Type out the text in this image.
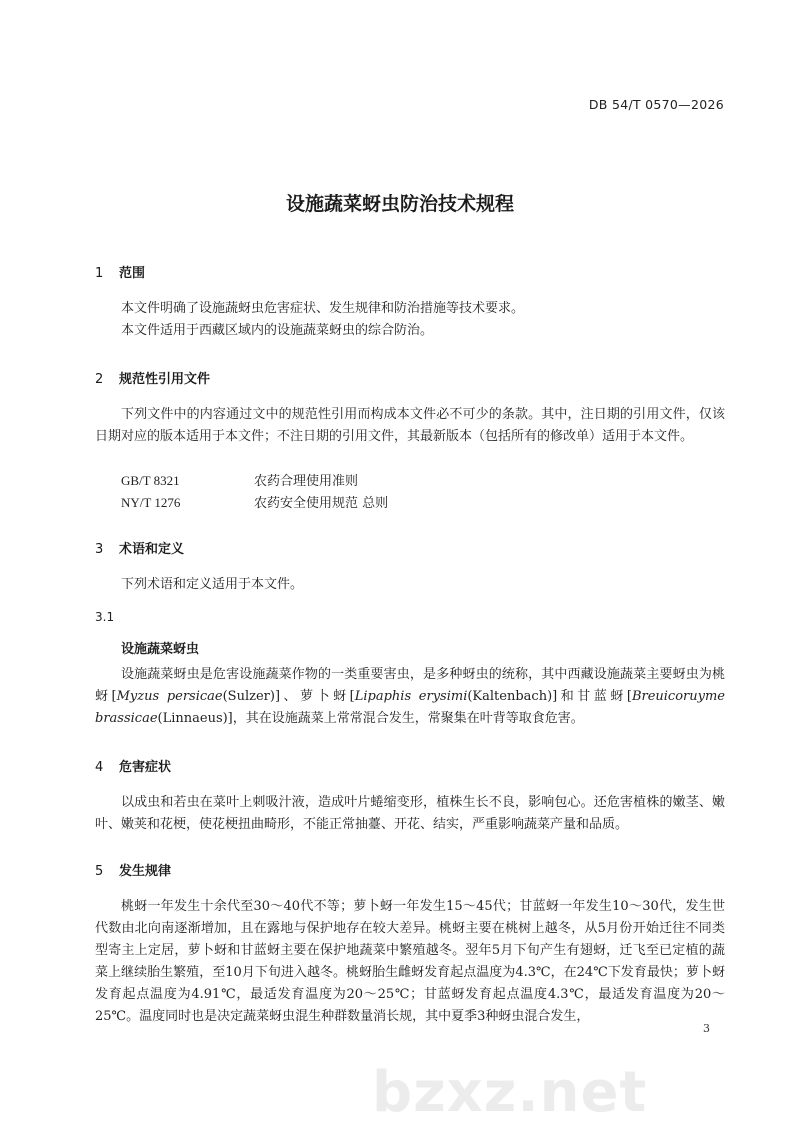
DB 54/T 0570—2026
设施蔬菜蚜虫防治技术规程
1 范围
本文件明确了设施蔬蚜虫危害症状、发生规律和防治措施等技术要求。
本文件适用于西藏区域内的设施蔬菜蚜虫的综合防治。
2 规范性引用文件
下列文件中的内容通过文中的规范性引用而构成本文件必不可少的条款。其中，注日期的引用文件，仅该日期对应的版本适用于本文件；不注日期的引用文件，其最新版本（包括所有的修改单）适用于本文件。
GB/T 8321	农药合理使用准则
NY/T 1276	农药安全使用规范 总则
3 术语和定义
下列术语和定义适用于本文件。
3.1
设施蔬菜蚜虫
设施蔬菜蚜虫是危害设施蔬菜作物的一类重要害虫，是多种蚜虫的统称，其中西藏设施蔬菜主要蚜虫为桃蚜[Myzus persicae(Sulzer)]、萝卜蚜[Lipaphis erysimi(Kaltenbach)]和甘蓝蚜[Breuicoruyme brassicae(Linnaeus)]，其在设施蔬菜上常常混合发生，常聚集在叶背等取食危害。
4 危害症状
以成虫和若虫在菜叶上刺吸汁液，造成叶片蜷缩变形，植株生长不良，影响包心。还危害植株的嫩茎、嫩叶、嫩荚和花梗，使花梗扭曲畸形，不能正常抽薹、开花、结实，严重影响蔬菜产量和品质。
5 发生规律
桃蚜一年发生十余代至30～40代不等；萝卜蚜一年发生15～45代；甘蓝蚜一年发生10～30代，发生世代数由北向南逐渐增加，且在露地与保护地存在较大差异。桃蚜主要在桃树上越冬，从5月份开始迁往不同类型寄主上定居，萝卜蚜和甘蓝蚜主要在保护地蔬菜中繁殖越冬。翌年5月下旬产生有翅蚜，迁飞至已定植的蔬菜上继续胎生繁殖，至10月下旬进入越冬。桃蚜胎生雌蚜发育起点温度为4.3℃，在24℃下发育最快；萝卜蚜发育起点温度为4.91℃，最适发育温度为20～25℃；甘蓝蚜发育起点温度4.3℃，最适发育温度为20～25℃。温度同时也是决定蔬菜蚜虫混生种群数量消长规，其中夏季3种蚜虫混合发生，
3
bzxz.net
